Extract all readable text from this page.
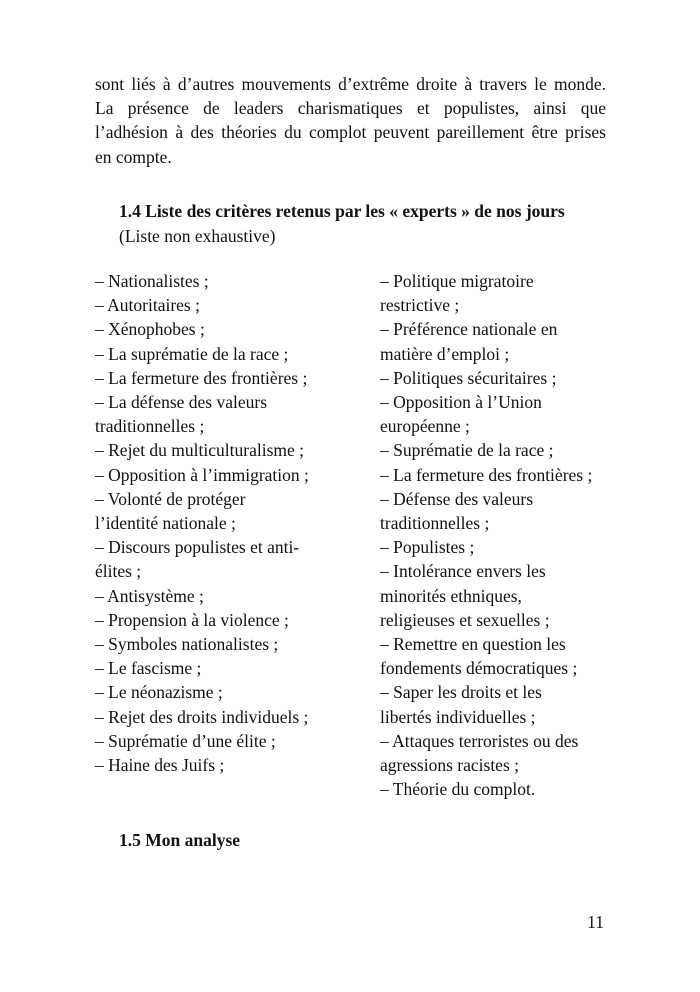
sont liés à d’autres mouvements d’extrême droite à travers le monde.
La présence de leaders charismatiques et populistes, ainsi que
l’adhésion à des théories du complot peuvent pareillement être prises
en compte.
1.4 Liste des critères retenus par les « experts » de nos jours

(Liste non exhaustive)

– Nationalistes ;
– Autoritaires ;
– Xénophobes ;
– La suprématie de la race ;
– La fermeture des frontières ;
– La défense des valeurs
traditionnelles ;
– Rejet du multiculturalisme ;
– Opposition à l’immigration ;
– Volonté de protéger
l’identité nationale ;
– Discours populistes et anti-
élites ;
– Antisystème ;
– Propension à la violence ;
– Symboles nationalistes ;
– Le fascisme ;
– Le néonazisme ;
– Rejet des droits individuels ;
– Suprématie d’une élite ;
– Haine des Juifs ;
– Politique migratoire
restrictive ;
– Préférence nationale en
matière d’emploi ;
– Politiques sécuritaires ;
– Opposition à l’Union
européenne ;
– Suprématie de la race ;
– La fermeture des frontières ;
– Défense des valeurs
traditionnelles ;
– Populistes ;
– Intolérance envers les
minorités ethniques,
religieuses et sexuelles ;
– Remettre en question les
fondements démocratiques ;
– Saper les droits et les
libertés individuelles ;
– Attaques terroristes ou des
agressions racistes ;
– Théorie du complot.
1.5 Mon analyse

11
